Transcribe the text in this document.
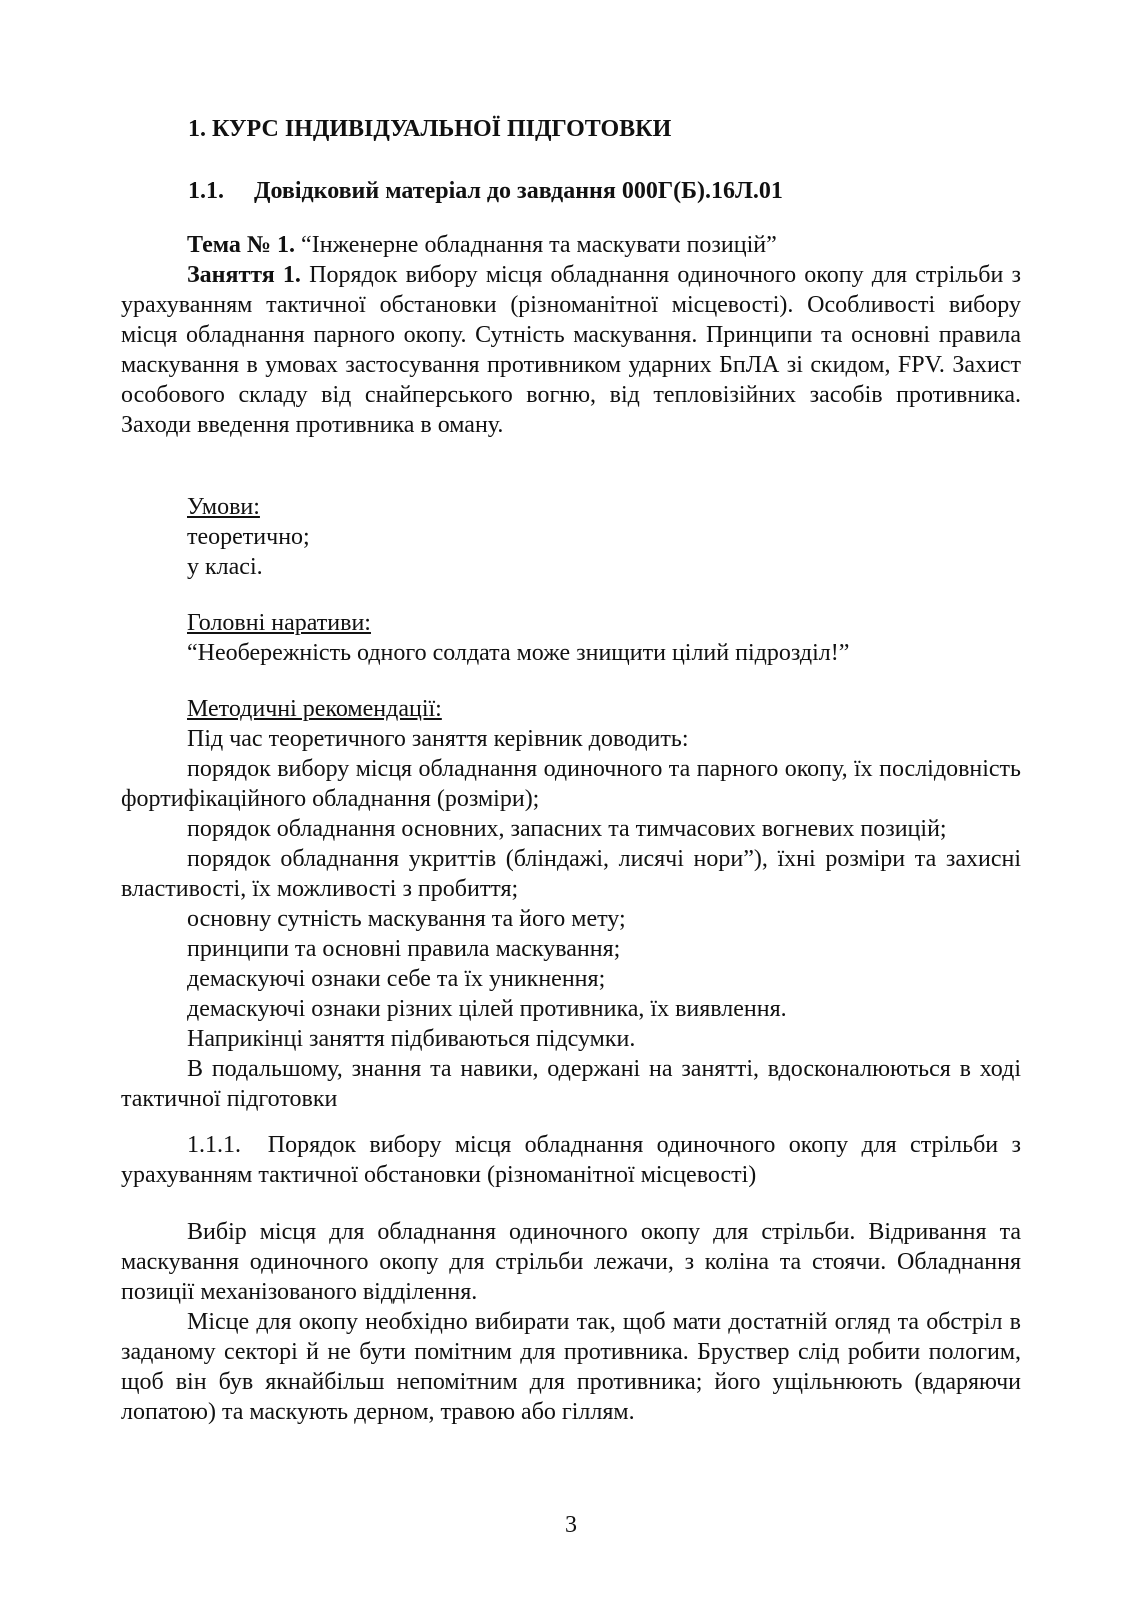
1. КУРС ІНДИВІДУАЛЬНОЇ ПІДГОТОВКИ

1.1. Довідковий матеріал до завдання 000Г(Б).16Л.01

Тема № 1. “Інженерне обладнання та маскувати позицій”

Заняття 1. Порядок вибору місця обладнання одиночного окопу для стрільби з урахуванням тактичної обстановки (різноманітної місцевості). Особливості вибору місця обладнання парного окопу. Сутність маскування. Принципи та основні правила маскування в умовах застосування противником ударних БпЛА зі скидом, FPV. Захист особового складу від снайперського вогню, від тепловізійних засобів противника. Заходи введення противника в оману.

Умови:

теоретично;

у класі.

Головні наративи:

“Необережність одного солдата може знищити цілий підрозділ!”

Методичні рекомендації:

Під час теоретичного заняття керівник доводить:

порядок вибору місця обладнання одиночного та парного окопу, їх послідовність фортифікаційного обладнання (розміри);

порядок обладнання основних, запасних та тимчасових вогневих позицій;

порядок обладнання укриттів (бліндажі, лисячі нори”), їхні розміри та захисні властивості, їх можливості з пробиття;

основну сутність маскування та його мету;

принципи та основні правила маскування;

демаскуючі ознаки себе та їх уникнення;

демаскуючі ознаки різних цілей противника, їх виявлення.

Наприкінці заняття підбиваються підсумки.

В подальшому, знання та навики, одержані на занятті, вдосконалюються в ході тактичної підготовки

1.1.1. Порядок вибору місця обладнання одиночного окопу для стрільби з урахуванням тактичної обстановки (різноманітної місцевості)

Вибір місця для обладнання одиночного окопу для стрільби. Відривання та маскування одиночного окопу для стрільби лежачи, з коліна та стоячи. Обладнання позиції механізованого відділення.

Місце для окопу необхідно вибирати так, щоб мати достатній огляд та обстріл в заданому секторі й не бути помітним для противника. Бруствер слід робити пологим, щоб він був якнайбільш непомітним для противника; його ущільнюють (вдаряючи лопатою) та маскують дерном, травою або гіллям.

3
